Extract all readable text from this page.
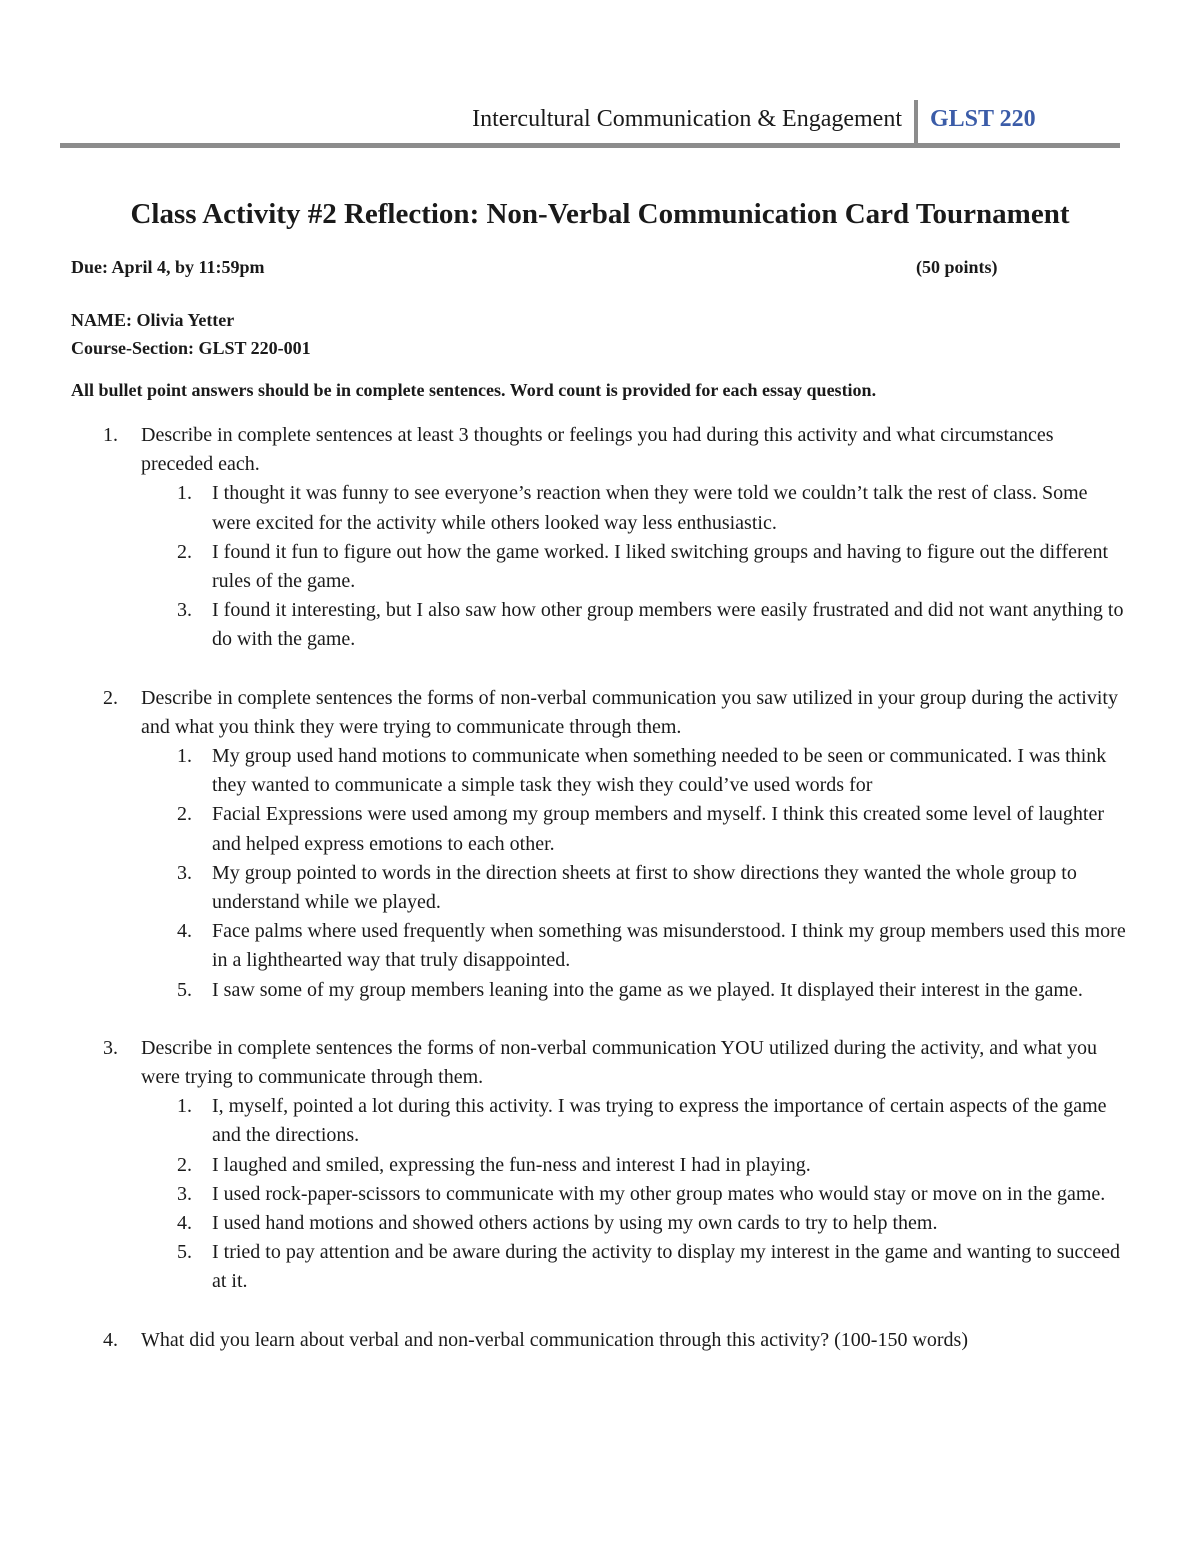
Intercultural Communication & Engagement GLST 220
Class Activity #2 Reflection: Non-Verbal Communication Card Tournament
Due: April 4, by 11:59pm	(50 points)
NAME: Olivia Yetter
Course-Section: GLST 220-001
All bullet point answers should be in complete sentences. Word count is provided for each essay question.
1. Describe in complete sentences at least 3 thoughts or feelings you had during this activity and what circumstances preceded each.
1. I thought it was funny to see everyone’s reaction when they were told we couldn’t talk the rest of class. Some were excited for the activity while others looked way less enthusiastic.
2. I found it fun to figure out how the game worked. I liked switching groups and having to figure out the different rules of the game.
3. I found it interesting, but I also saw how other group members were easily frustrated and did not want anything to do with the game.
2. Describe in complete sentences the forms of non-verbal communication you saw utilized in your group during the activity and what you think they were trying to communicate through them.
1. My group used hand motions to communicate when something needed to be seen or communicated. I was think they wanted to communicate a simple task they wish they could’ve used words for
2. Facial Expressions were used among my group members and myself. I think this created some level of laughter and helped express emotions to each other.
3. My group pointed to words in the direction sheets at first to show directions they wanted the whole group to understand while we played.
4. Face palms where used frequently when something was misunderstood. I think my group members used this more in a lighthearted way that truly disappointed.
5. I saw some of my group members leaning into the game as we played. It displayed their interest in the game.
3. Describe in complete sentences the forms of non-verbal communication YOU utilized during the activity, and what you were trying to communicate through them.
1. I, myself, pointed a lot during this activity. I was trying to express the importance of certain aspects of the game and the directions.
2. I laughed and smiled, expressing the fun-ness and interest I had in playing.
3. I used rock-paper-scissors to communicate with my other group mates who would stay or move on in the game.
4. I used hand motions and showed others actions by using my own cards to try to help them.
5. I tried to pay attention and be aware during the activity to display my interest in the game and wanting to succeed at it.
4. What did you learn about verbal and non-verbal communication through this activity? (100-150 words)
